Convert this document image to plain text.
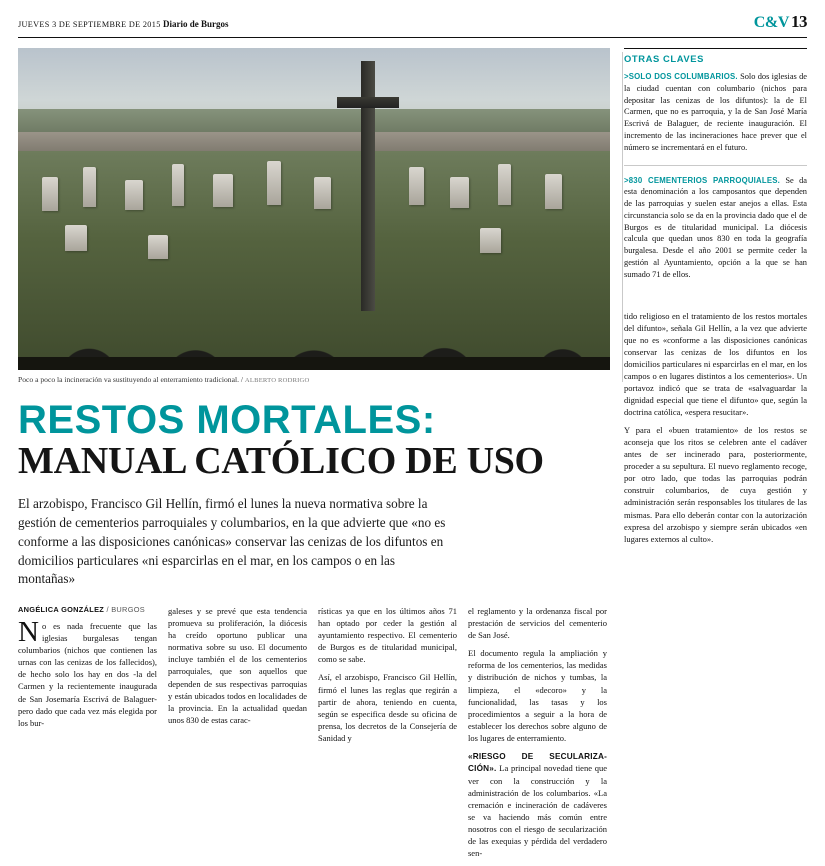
JUEVES 3 DE SEPTIEMBRE DE 2015 Diario de Burgos	C&V 13
Poco a poco la incineración va sustituyendo al enterramiento tradicional. / ALBERTO RODRIGO
RESTOS MORTALES:
MANUAL CATÓLICO DE USO
El arzobispo, Francisco Gil Hellín, firmó el lunes la nueva normativa sobre la gestión de cementerios parroquiales y columbarios, en la que advierte que «no es conforme a las disposiciones canónicas» conservar las cenizas de los difuntos en domicilios particulares «ni esparcirlas en el mar, en los campos o en las montañas»
ANGÉLICA GONZÁLEZ / BURGOS

No es nada frecuente que las iglesias burgalesas tengan columbarios (nichos que contienen las urnas con las cenizas de los fallecidos), de hecho solo los hay en dos -la del Carmen y la recientemente inaugurada de San Josemaría Escrivá de Balaguer- pero dado que cada vez más elegida por los bur-

galeses y se prevé que esta tendencia promueva su proliferación, la diócesis ha creído oportuno publicar una normativa sobre su uso. El documento incluye también el de los cementerios parroquiales, que son aquellos que dependen de sus respectivas parroquias y están ubicados todos en localidades de la provincia. En la actualidad quedan unos 830 de estas carac-

rísticas ya que en los últimos años 71 han optado por ceder la gestión al ayuntamiento respectivo. El cementerio de Burgos es de titularidad municipal, como se sabe.

Así, el arzobispo, Francisco Gil Hellín, firmó el lunes las reglas que regirán a partir de ahora, teniendo en cuenta, según se especifica desde su oficina de prensa, los decretos de la Consejería de Sanidad y

el reglamento y la ordenanza fiscal por prestación de servicios del cementerio de San José.

El documento regula la ampliación y reforma de los cementerios, las medidas y distribución de nichos y tumbas, la limpieza, el «decoro» y la funcionalidad, las tasas y los procedimientos a seguir a la hora de establecer los derechos sobre alguno de los lugares de enterramiento.

«RIESGO DE SECULARIZA-CIÓN». La principal novedad tiene que ver con la construcción y la administración de los columbarios. «La cremación e incineración de cadáveres se va haciendo más común entre nosotros con el riesgo de secularización de las exequias y pérdida del verdadero sen-

OTRAS CLAVES

>SOLO DOS COLUMBARIOS. Solo dos iglesias de la ciudad cuentan con columbario (nichos para depositar las cenizas de los difuntos): la de El Carmen, que no es parroquia, y la de San José María Escrivá de Balaguer, de reciente inauguración. El incremento de las incineraciones hace prever que el número se incrementará en el futuro.

>830 CEMENTERIOS PARROQUIALES. Se da esta denominación a los camposantos que dependen de las parroquias y suelen estar anejos a ellas. Esta circunstancia solo se da en la provincia dado que el de Burgos es de titularidad municipal. La diócesis calcula que quedan unos 830 en toda la geografía burgalesa. Desde el año 2001 se permite ceder la gestión al Ayuntamiento, opción a la que se han sumado 71 de ellos.

tido religioso en el tratamiento de los restos mortales del difunto», señala Gil Hellín, a la vez que advierte que no es «conforme a las disposiciones canónicas conservar las cenizas de los difuntos en los domicilios particulares ni esparcirlas en el mar, en los campos o en lugares distintos a los cementerios». Un portavoz indicó que se trata de «salvaguardar la dignidad especial que tiene el difunto» que, según la doctrina católica, «espera resucitar».

Y para el «buen tratamiento» de los restos se aconseja que los ritos se celebren ante el cadáver antes de ser incinerado para, posteriormente, proceder a su sepultura. El nuevo reglamento recoge, por otro lado, que todas las parroquias podrán construir columbarios, de cuya gestión y administración serán responsables los titulares de las mismas. Para ello deberán contar con la autorización expresa del arzobispo y siempre serán ubicados «en lugares externos al culto».
